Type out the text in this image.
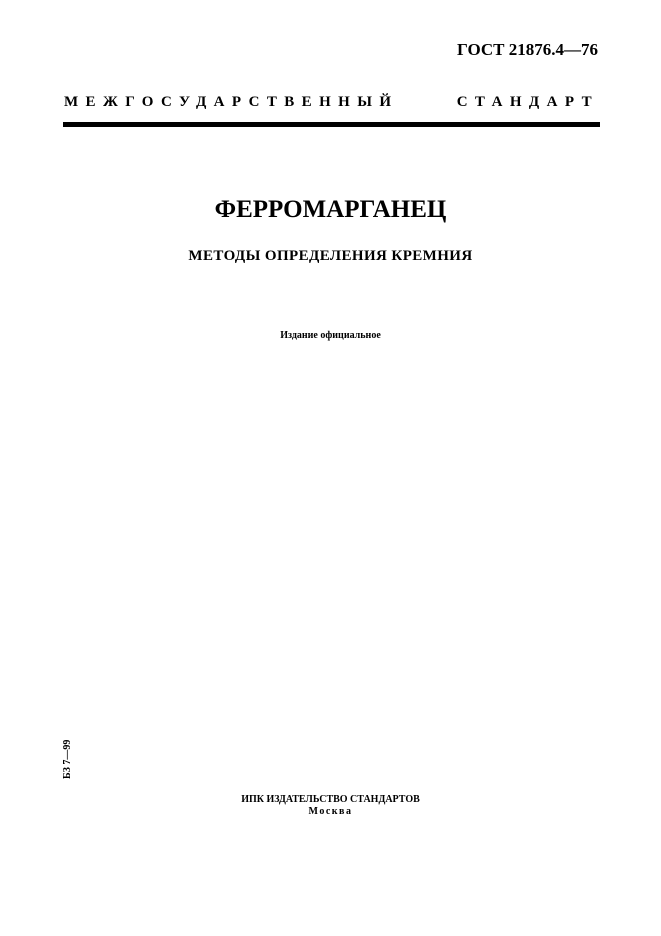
ГОСТ 21876.4—76
МЕЖГОСУДАРСТВЕННЫЙ СТАНДАРТ
ФЕРРОМАРГАНЕЦ
МЕТОДЫ ОПРЕДЕЛЕНИЯ КРЕМНИЯ
Издание официальное
БЗ 7—99
ИПК ИЗДАТЕЛЬСТВО СТАНДАРТОВ
Москва
